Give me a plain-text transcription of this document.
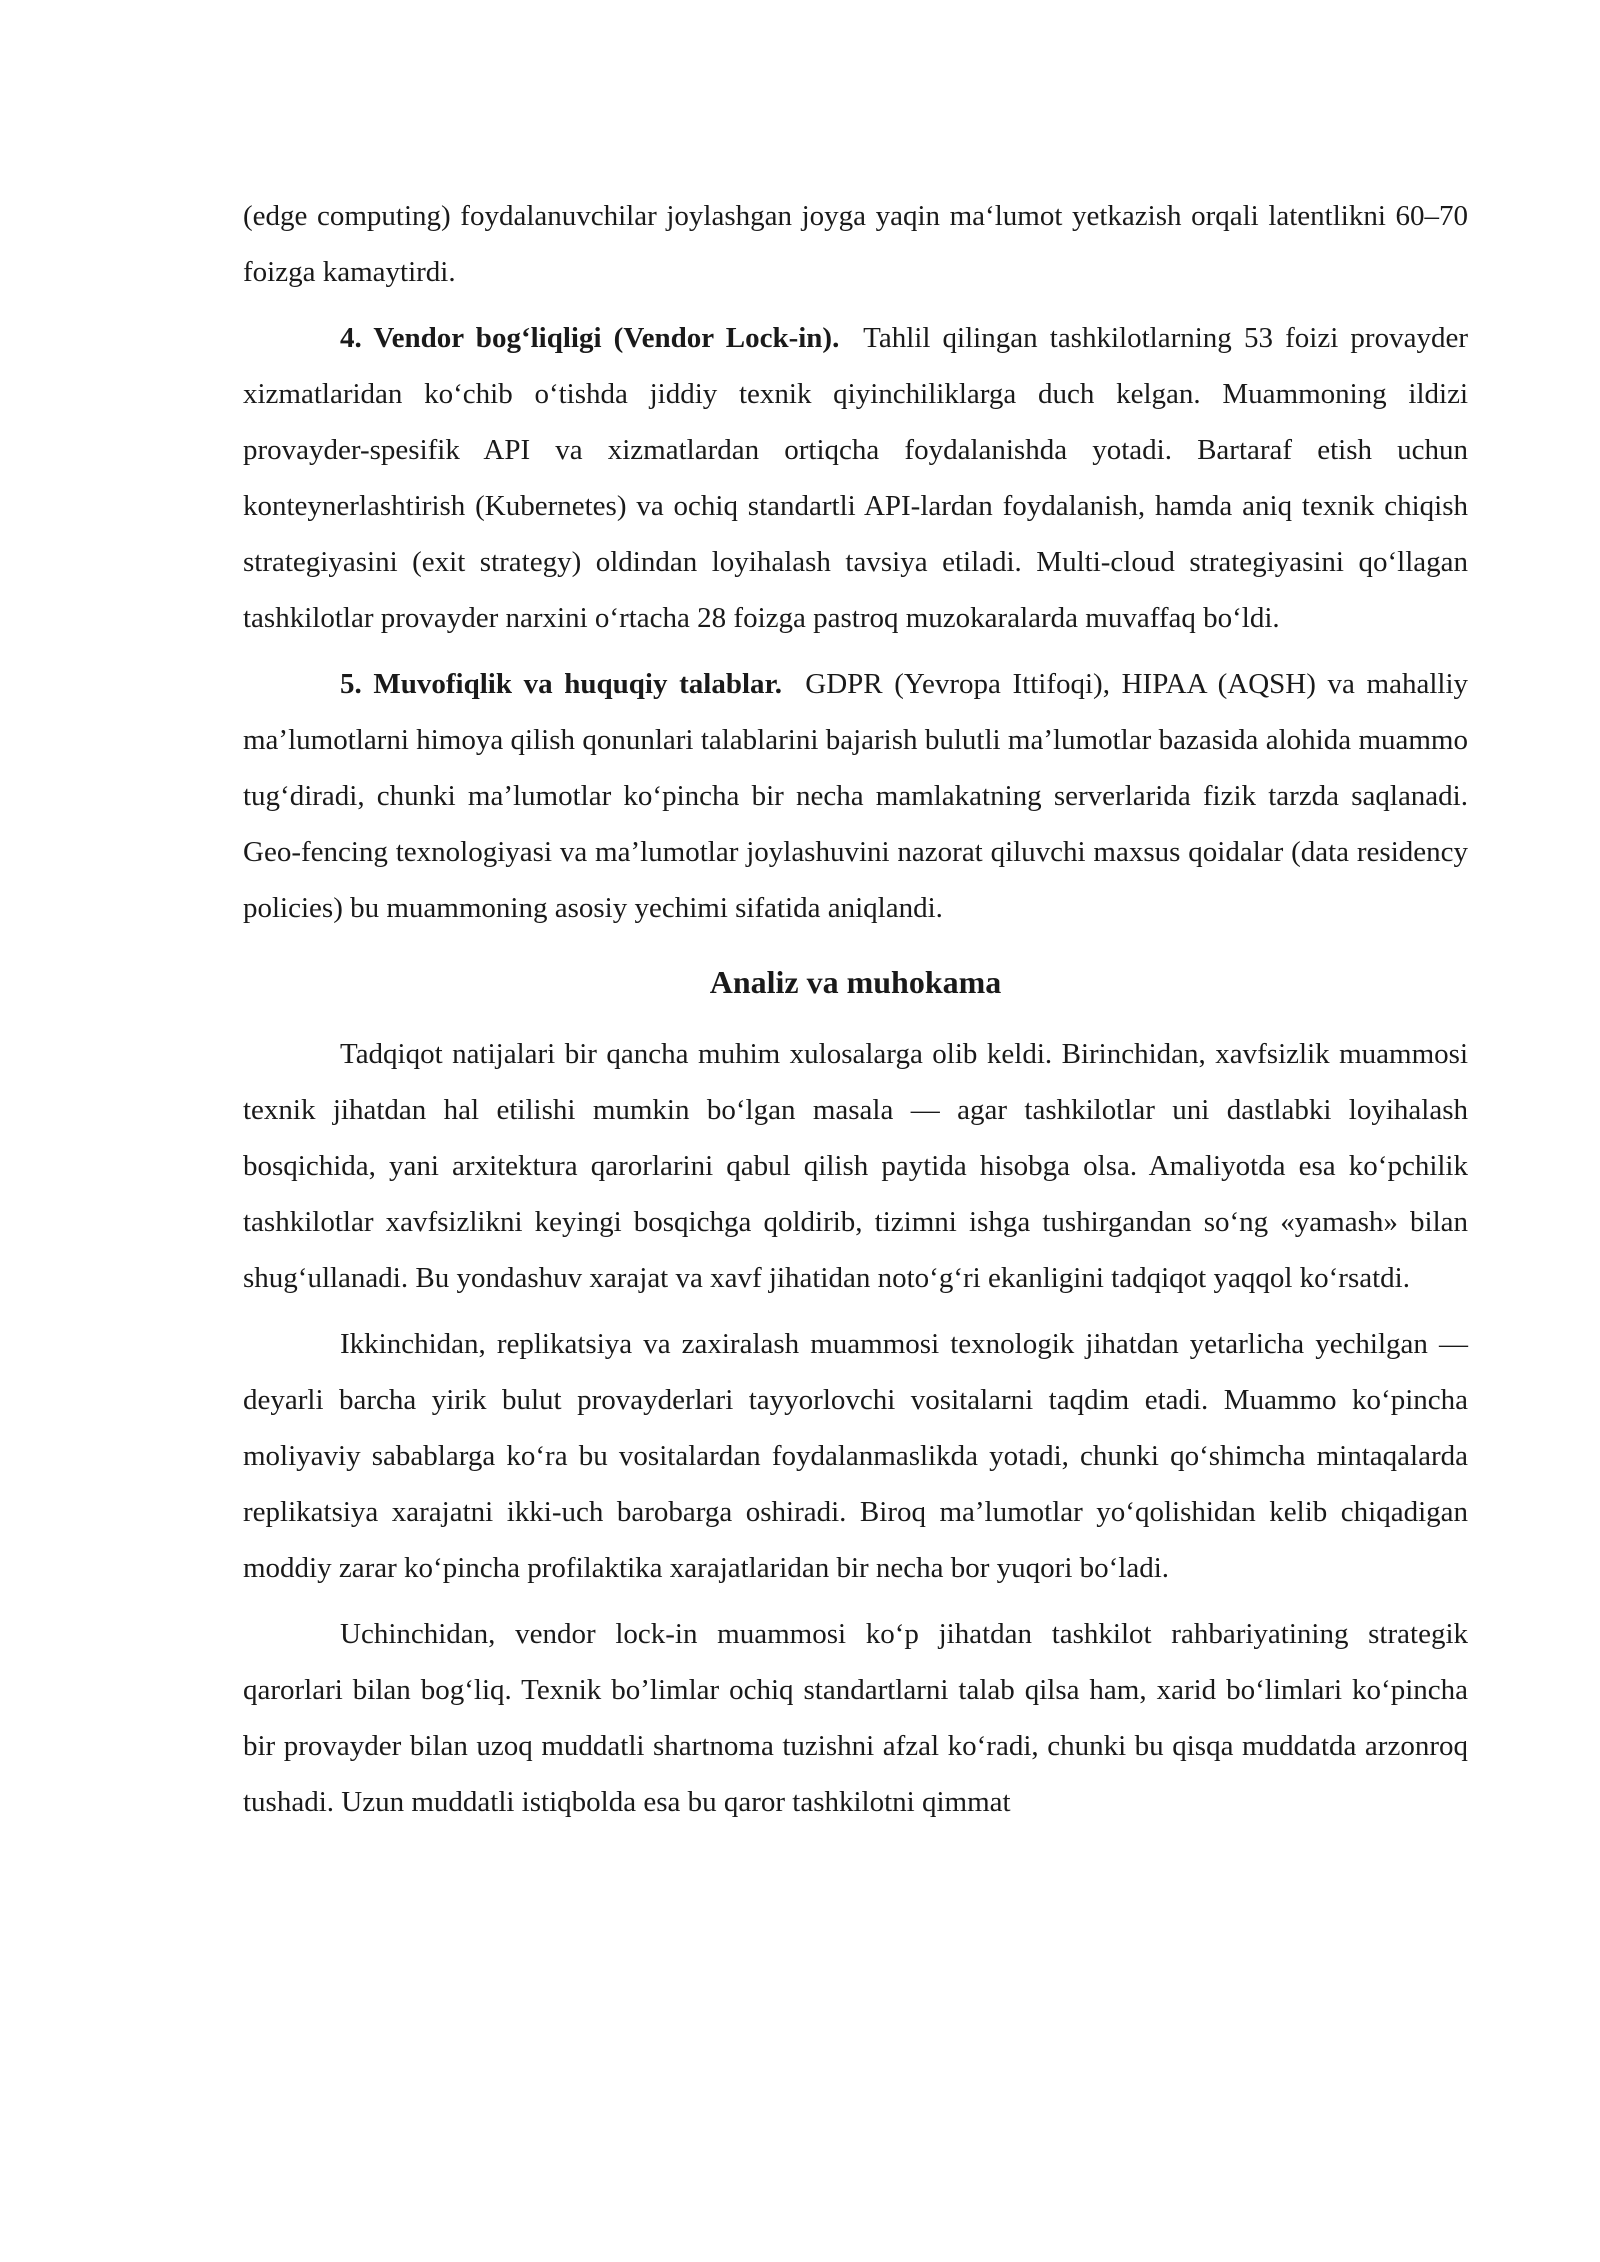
(edge computing) foydalanuvchilar joylashgan joyga yaqin ma‘lumot yetkazish orqali latentlikni 60–70 foizga kamaytirdi.

4. Vendor bog‘liqligi (Vendor Lock-in). Tahlil qilingan tashkilotlarning 53 foizi provayder xizmatlaridan ko‘chib o‘tishda jiddiy texnik qiyinchiliklarga duch kelgan. Muammoning ildizi provayder-spesifik API va xizmatlardan ortiqcha foydalanishda yotadi. Bartaraf etish uchun konteynerlashtirish (Kubernetes) va ochiq standartli API-lardan foydalanish, hamda aniq texnik chiqish strategiyasini (exit strategy) oldindan loyihalash tavsiya etiladi. Multi-cloud strategiyasini qo‘llagan tashkilotlar provayder narxini o‘rtacha 28 foizga pastroq muzokaralarda muvaffaq bo‘ldi.

5. Muvofiqlik va huquqiy talablar. GDPR (Yevropa Ittifoqi), HIPAA (AQSH) va mahalliy ma’lumotlarni himoya qilish qonunlari talablarini bajarish bulutli ma’lumotlar bazasida alohida muammo tug‘diradi, chunki ma’lumotlar ko‘pincha bir necha mamlakatning serverlarida fizik tarzda saqlanadi. Geo-fencing texnologiyasi va ma’lumotlar joylashuvini nazorat qiluvchi maxsus qoidalar (data residency policies) bu muammoning asosiy yechimi sifatida aniqlandi.

Analiz va muhokama

Tadqiqot natijalari bir qancha muhim xulosalarga olib keldi. Birinchidan, xavfsizlik muammosi texnik jihatdan hal etilishi mumkin bo‘lgan masala — agar tashkilotlar uni dastlabki loyihalash bosqichida, yani arxitektura qarorlarini qabul qilish paytida hisobga olsa. Amaliyotda esa ko‘pchilik tashkilotlar xavfsizlikni keyingi bosqichga qoldirib, tizimni ishga tushirgandan so‘ng «yamash» bilan shug‘ullanadi. Bu yondashuv xarajat va xavf jihatidan noto‘g‘ri ekanligini tadqiqot yaqqol ko‘rsatdi.

Ikkinchidan, replikatsiya va zaxiralash muammosi texnologik jihatdan yetarlicha yechilgan — deyarli barcha yirik bulut provayderlari tayyorlovchi vositalarni taqdim etadi. Muammo ko‘pincha moliyaviy sabablarga ko‘ra bu vositalardan foydalanmaslikda yotadi, chunki qo‘shimcha mintaqalarda replikatsiya xarajatni ikki-uch barobarga oshiradi. Biroq ma’lumotlar yo‘qolishidan kelib chiqadigan moddiy zarar ko‘pincha profilaktika xarajatlaridan bir necha bor yuqori bo‘ladi.

Uchinchidan, vendor lock-in muammosi ko‘p jihatdan tashkilot rahbariyatining strategik qarorlari bilan bog‘liq. Texnik bo’limlar ochiq standartlarni talab qilsa ham, xarid bo‘limlari ko‘pincha bir provayder bilan uzoq muddatli shartnoma tuzishni afzal ko‘radi, chunki bu qisqa muddatda arzonroq tushadi. Uzun muddatli istiqbolda esa bu qaror tashkilotni qimmat
